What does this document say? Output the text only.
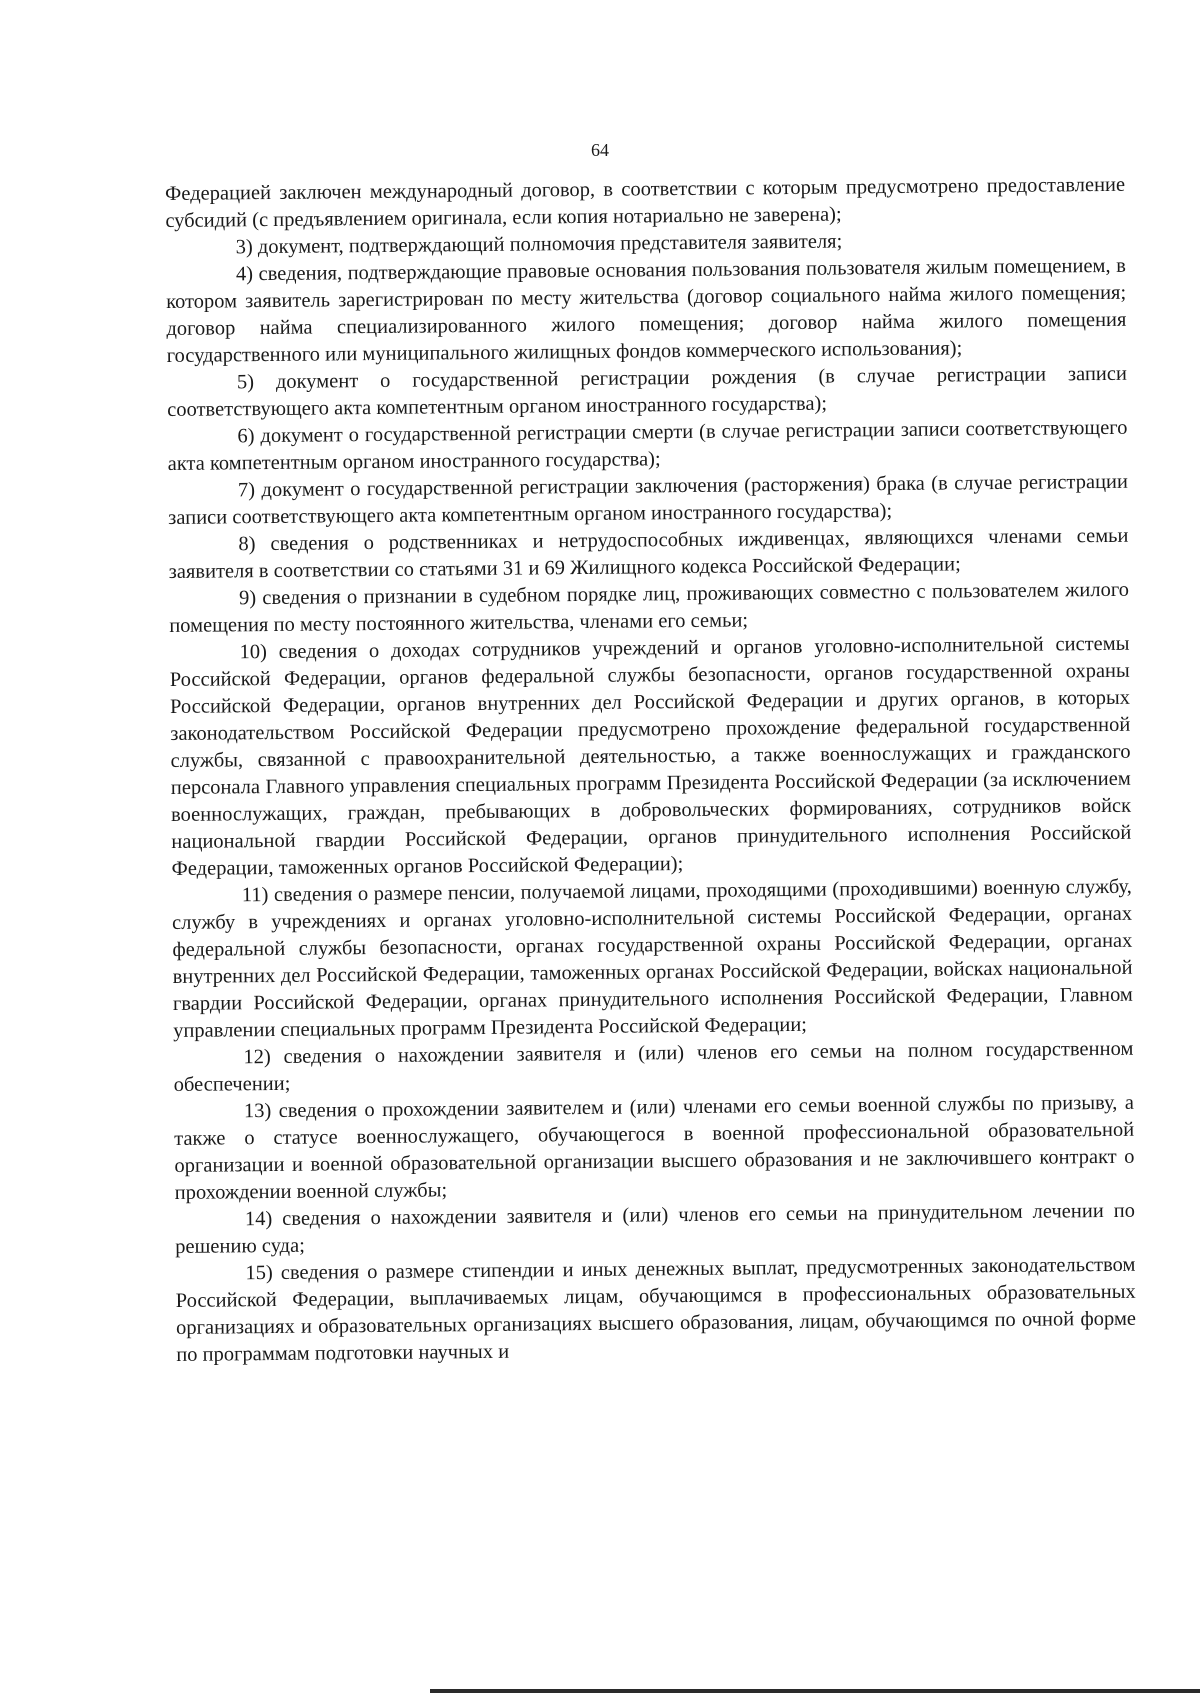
64

Федерацией заключен международный договор, в соответствии с которым предусмотрено предоставление субсидий (с предъявлением оригинала, если копия нотариально не заверена);

3) документ, подтверждающий полномочия представителя заявителя;

4) сведения, подтверждающие правовые основания пользования пользователя жилым помещением, в котором заявитель зарегистрирован по месту жительства (договор социального найма жилого помещения; договор найма специализированного жилого помещения; договор найма жилого помещения государственного или муниципального жилищных фондов коммерческого использования);

5) документ о государственной регистрации рождения (в случае регистрации записи соответствующего акта компетентным органом иностранного государства);

6) документ о государственной регистрации смерти (в случае регистрации записи соответствующего акта компетентным органом иностранного государства);

7) документ о государственной регистрации заключения (расторжения) брака (в случае регистрации записи соответствующего акта компетентным органом иностранного государства);

8) сведения о родственниках и нетрудоспособных иждивенцах, являющихся членами семьи заявителя в соответствии со статьями 31 и 69 Жилищного кодекса Российской Федерации;

9) сведения о признании в судебном порядке лиц, проживающих совместно с пользователем жилого помещения по месту постоянного жительства, членами его семьи;

10) сведения о доходах сотрудников учреждений и органов уголовно-исполнительной системы Российской Федерации, органов федеральной службы безопасности, органов государственной охраны Российской Федерации, органов внутренних дел Российской Федерации и других органов, в которых законодательством Российской Федерации предусмотрено прохождение федеральной государственной службы, связанной с правоохранительной деятельностью, а также военнослужащих и гражданского персонала Главного управления специальных программ Президента Российской Федерации (за исключением военнослужащих, граждан, пребывающих в добровольческих формированиях, сотрудников войск национальной гвардии Российской Федерации, органов принудительного исполнения Российской Федерации, таможенных органов Российской Федерации);

11) сведения о размере пенсии, получаемой лицами, проходящими (проходившими) военную службу, службу в учреждениях и органах уголовно-исполнительной системы Российской Федерации, органах федеральной службы безопасности, органах государственной охраны Российской Федерации, органах внутренних дел Российской Федерации, таможенных органах Российской Федерации, войсках национальной гвардии Российской Федерации, органах принудительного исполнения Российской Федерации, Главном управлении специальных программ Президента Российской Федерации;

12) сведения о нахождении заявителя и (или) членов его семьи на полном государственном обеспечении;

13) сведения о прохождении заявителем и (или) членами его семьи военной службы по призыву, а также о статусе военнослужащего, обучающегося в военной профессиональной образовательной организации и военной образовательной организации высшего образования и не заключившего контракт о прохождении военной службы;

14) сведения о нахождении заявителя и (или) членов его семьи на принудительном лечении по решению суда;

15) сведения о размере стипендии и иных денежных выплат, предусмотренных законодательством Российской Федерации, выплачиваемых лицам, обучающимся в профессиональных образовательных организациях и образовательных организациях высшего образования, лицам, обучающимся по очной форме по программам подготовки научных и
